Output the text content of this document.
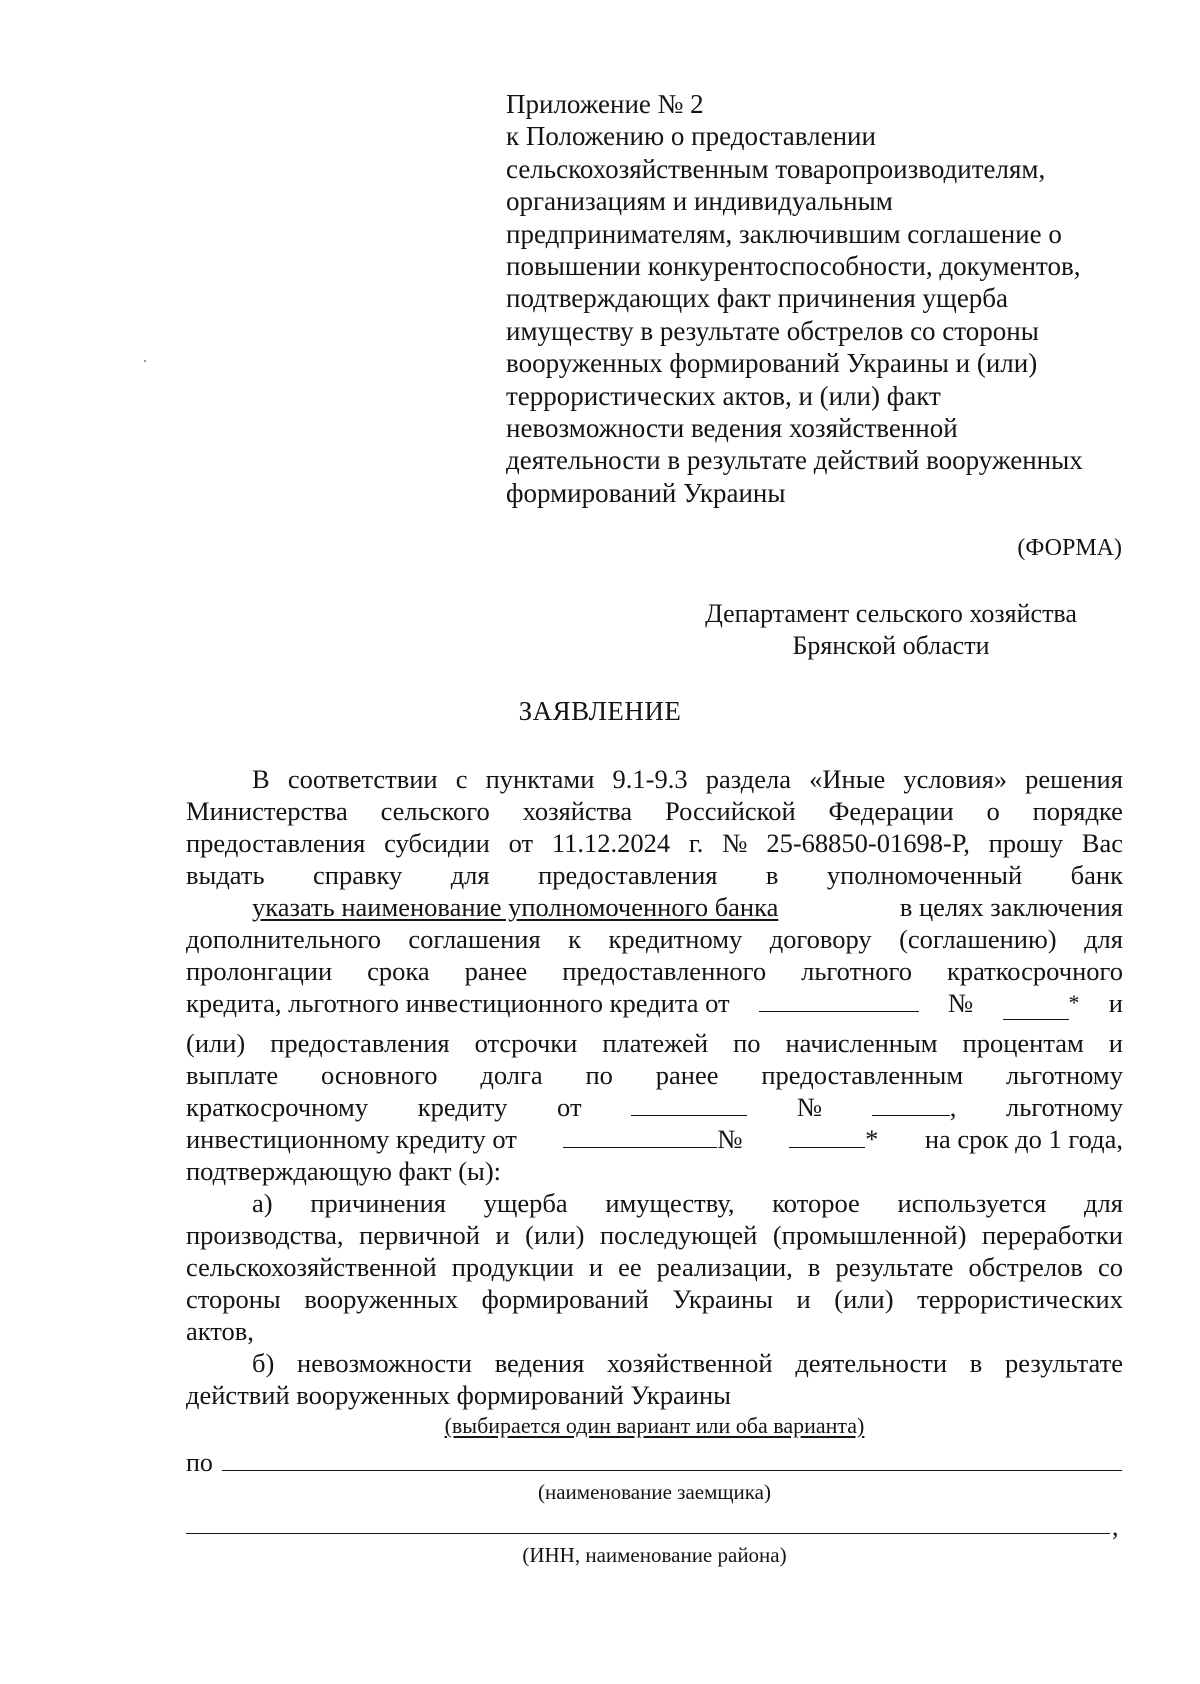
Приложение № 2
к Положению о предоставлении
сельскохозяйственным товаропроизводителям,
организациям и индивидуальным
предпринимателям, заключившим соглашение о
повышении конкурентоспособности, документов,
подтверждающих факт причинения ущерба
имуществу в результате обстрелов со стороны
вооруженных формирований Украины и (или)
террористических актов, и (или) факт
невозможности ведения хозяйственной
деятельности в результате действий вооруженных
формирований Украины
(ФОРМА)
Департамент сельского хозяйства
Брянской области
ЗАЯВЛЕНИЕ
В соответствии с пунктами 9.1-9.3 раздела «Иные условия» решения
Министерства сельского хозяйства Российской Федерации о порядке
предоставления субсидии от 11.12.2024 г. № 25-68850-01698-Р, прошу Вас
выдать справку для предоставления в уполномоченный банк
указать наименование уполномоченного банка	в целях заключения
дополнительного соглашения к кредитному договору (соглашению) для
пролонгации срока ранее предоставленного льготного краткосрочного
кредита, льготного инвестиционного кредита от	№	* и
(или) предоставления отсрочки платежей по начисленным процентам и
выплате основного долга по ранее предоставленным льготному
краткосрочному кредиту от	№	, льготному
инвестиционному кредиту от	№	* на срок до 1 года,
подтверждающую факт (ы):
а) причинения ущерба имуществу, которое используется для
производства, первичной и (или) последующей (промышленной) переработки
сельскохозяйственной продукции и ее реализации, в результате обстрелов со
стороны вооруженных формирований Украины и (или) террористических
актов,
б) невозможности ведения хозяйственной деятельности в результате
действий вооруженных формирований Украины
(выбирается один вариант или оба варианта)
по
(наименование заемщика)
,
(ИНН, наименование района)
